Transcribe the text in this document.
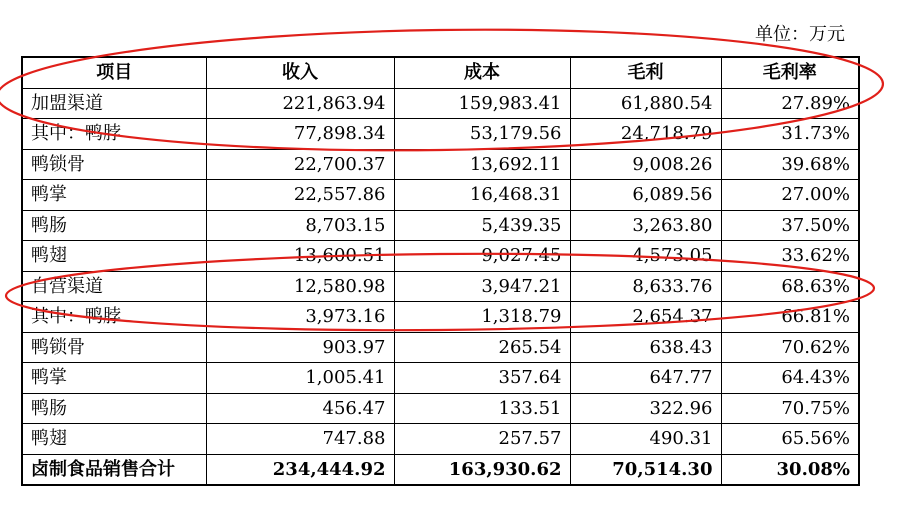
单位：万元
项目	收入	成本	毛利	毛利率
加盟渠道	221,863.94	159,983.41	61,880.54	27.89%
其中：鸭脖	77,898.34	53,179.56	24,718.79	31.73%
鸭锁骨	22,700.37	13,692.11	9,008.26	39.68%
鸭掌	22,557.86	16,468.31	6,089.56	27.00%
鸭肠	8,703.15	5,439.35	3,263.80	37.50%
鸭翅	13,600.51	9,027.45	4,573.05	33.62%
自营渠道	12,580.98	3,947.21	8,633.76	68.63%
其中：鸭脖	3,973.16	1,318.79	2,654.37	66.81%
鸭锁骨	903.97	265.54	638.43	70.62%
鸭掌	1,005.41	357.64	647.77	64.43%
鸭肠	456.47	133.51	322.96	70.75%
鸭翅	747.88	257.57	490.31	65.56%
卤制食品销售合计	234,444.92	163,930.62	70,514.30	30.08%
